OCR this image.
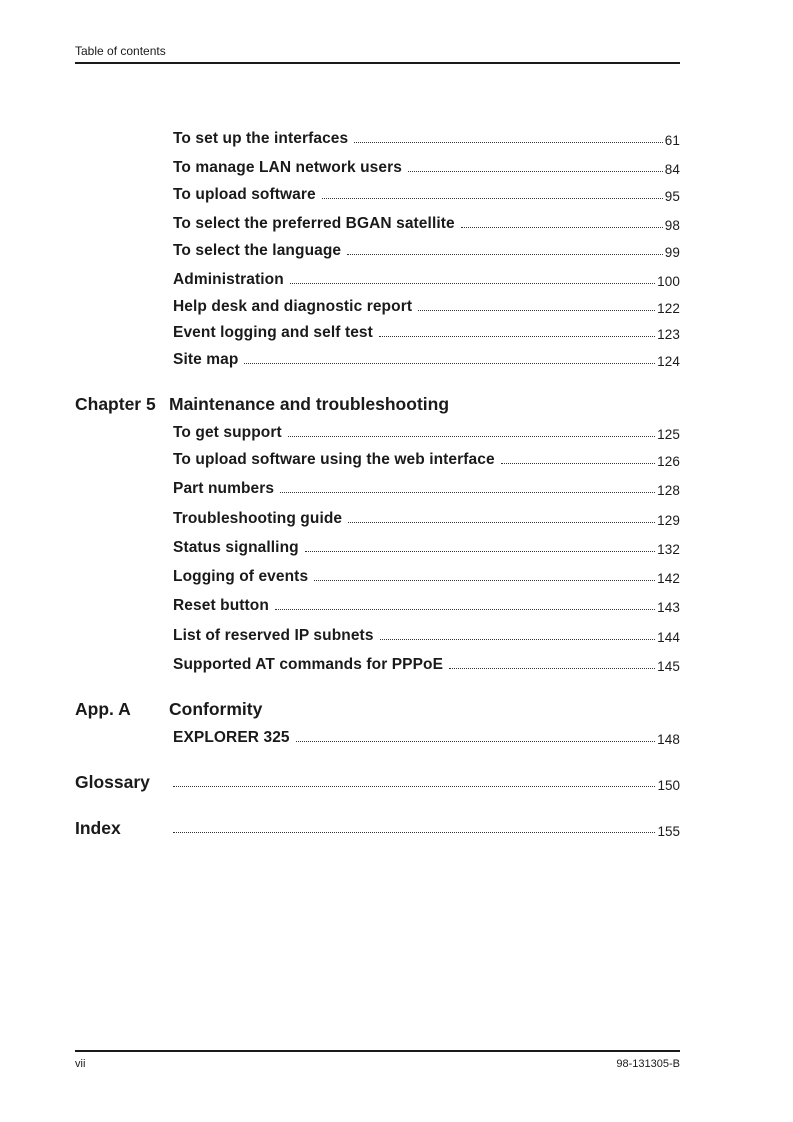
Table of contents
To set up the interfaces	61
To manage LAN network users	84
To upload software	95
To select the preferred BGAN satellite	98
To select the language	99
Administration	100
Help desk and diagnostic report	122
Event logging and self test	123
Site map	124
Chapter 5 Maintenance and troubleshooting
To get support	125
To upload software using the web interface	126
Part numbers	128
Troubleshooting guide	129
Status signalling	132
Logging of events	142
Reset button	143
List of reserved IP subnets	144
Supported AT commands for PPPoE	145
App. A	Conformity
EXPLORER 325	148
Glossary	150
Index	155
vii	98-131305-B
